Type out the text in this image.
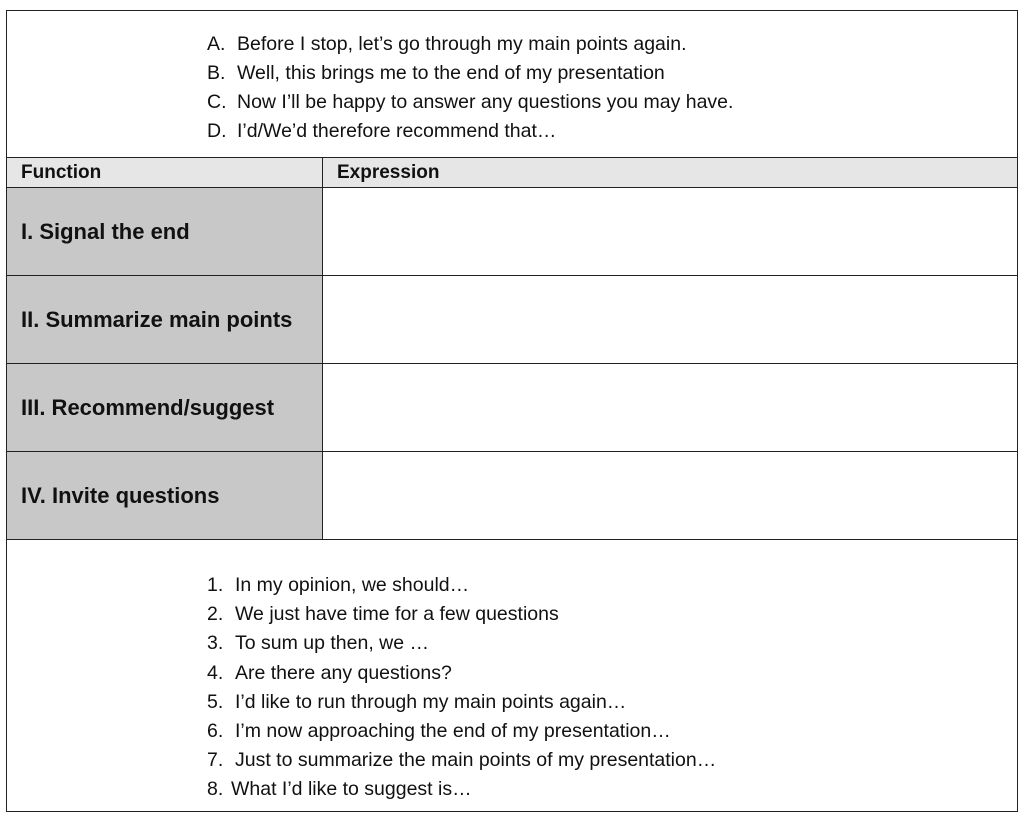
A. Before I stop, let’s go through my main points again.
B. Well, this brings me to the end of my presentation
C. Now I’ll be happy to answer any questions you may have.
D. I’d/We’d therefore recommend that…
Function	Expression
I. Signal the end
II. Summarize main points
III. Recommend/suggest
IV. Invite questions
1. In my opinion, we should…
2. We just have time for a few questions
3. To sum up then, we …
4. Are there any questions?
5. I’d like to run through my main points again…
6. I’m now approaching the end of my presentation…
7. Just to summarize the main points of my presentation…
8. What I’d like to suggest is…
